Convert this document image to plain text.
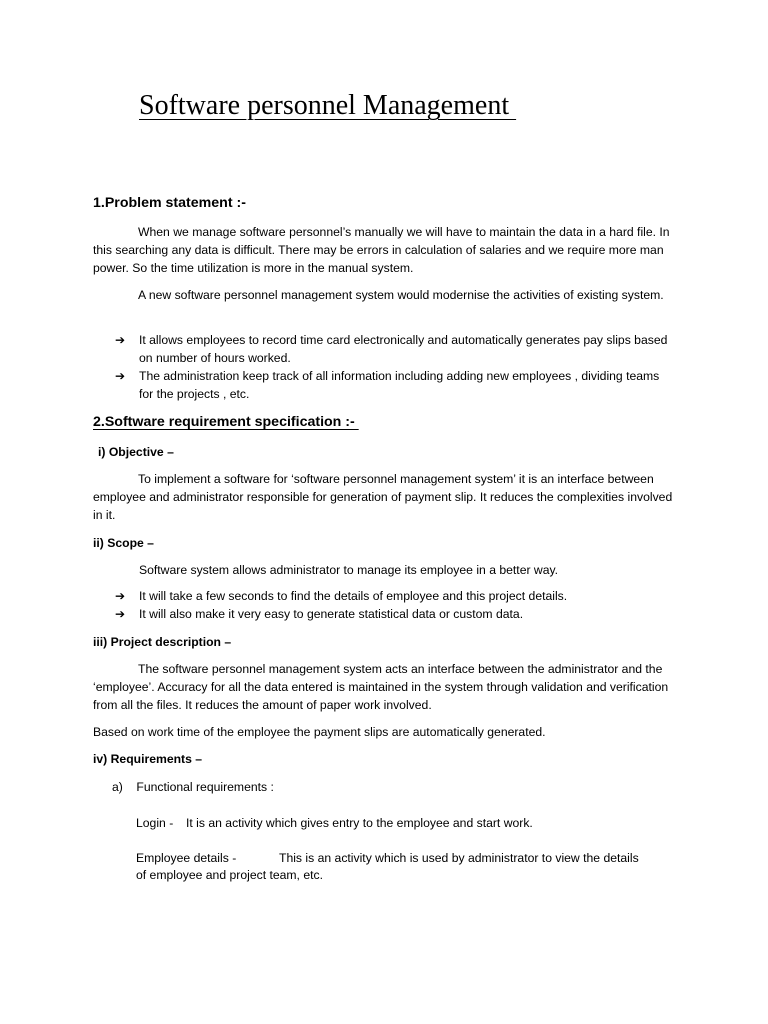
Software personnel Management
1.Problem statement :-

When we manage software personnel’s manually we will have to maintain the data in a hard file. In this searching any data is difficult. There may be errors in calculation of salaries and we require more man power. So the time utilization is more in the manual system.

A new software personnel management system would modernise the activities of existing system.

➔ It allows employees to record time card electronically and automatically generates pay slips based on number of hours worked.
➔ The administration keep track of all information including adding new employees , dividing teams for the projects , etc.
2.Software requirement specification :-
i) Objective –

To implement a software for ‘software personnel management system’ it is an interface between employee and administrator responsible for generation of payment slip. It reduces the complexities involved in it.

ii) Scope –
Software system allows administrator to manage its employee in a better way.
➔ It will take a few seconds to find the details of employee and this project details.
➔ It will also make it very easy to generate statistical data or custom data.
iii) Project description –

The software personnel management system acts an interface between the administrator and the ‘employee’. Accuracy for all the data entered is maintained in the system through validation and verification from all the files. It reduces the amount of paper work involved.

Based on work time of the employee the payment slips are automatically generated.
iv) Requirements –
a)    Functional requirements :
Login - It is an activity which gives entry to the employee and start work.
Employee details -	This is an activity which is used by administrator to view the details
of employee and project team, etc.
